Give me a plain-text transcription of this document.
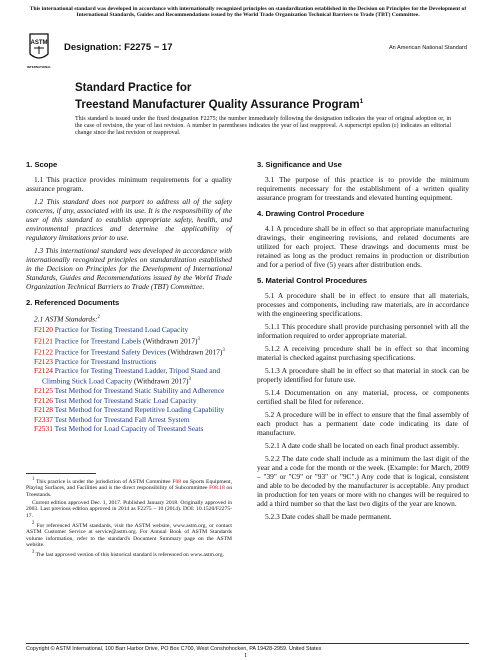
This international standard was developed in accordance with internationally recognized principles on standardization established in the Decision on Principles for the Development of International Standards, Guides and Recommendations issued by the World Trade Organization Technical Barriers to Trade (TBT) Committee.
ASTM
INTERNATIONAL
Designation: F2275 − 17	An American National Standard
Standard Practice for
Treestand Manufacturer Quality Assurance Program$^1$
This standard is issued under the fixed designation F2275; the number immediately following the designation indicates the year of original adoption or, in the case of revision, the year of last revision. A number in parentheses indicates the year of last reapproval. A superscript epsilon (ε) indicates an editorial change since the last revision or reapproval.
1. Scope

1.1 This practice provides minimum requirements for a quality assurance program.

1.2 This standard does not purport to address all of the safety concerns, if any, associated with its use. It is the responsibility of the user of this standard to establish appropriate safety, health, and environmental practices and determine the applicability of regulatory limitations prior to use.

1.3 This international standard was developed in accordance with internationally recognized principles on standardization established in the Decision on Principles for the Development of International Standards, Guides and Recommendations issued by the World Trade Organization Technical Barriers to Trade (TBT) Committee.

2. Referenced Documents

2.1 ASTM Standards:$^2$

F2120 Practice for Testing Treestand Load Capacity
F2121 Practice for Treestand Labels (Withdrawn 2017)$^3$
F2122 Practice for Treestand Safety Devices (Withdrawn 2017)$^3$
F2123 Practice for Treestand Instructions
F2124 Practice for Testing Treestand Ladder, Tripod Stand and Climbing Stick Load Capacity (Withdrawn 2017)$^3$
F2125 Test Method for Treestand Static Stability and Adherence
F2126 Test Method for Treestand Static Load Capacity
F2128 Test Method for Treestand Repetitive Loading Capability
F2337 Test Method for Treestand Fall Arrest System
F2531 Test Method for Load Capacity of Treestand Seats
3. Significance and Use

3.1 The purpose of this practice is to provide the minimum requirements necessary for the establishment of a written quality assurance program for treestands and elevated hunting equipment.

4. Drawing Control Procedure

4.1 A procedure shall be in effect so that appropriate manufacturing drawings, their engineering revisions, and related documents are utilized for each project. These drawings and documents must be retained as long as the product remains in production or distribution and for a period of five (5) years after distribution ends.

5. Material Control Procedures

5.1 A procedure shall be in effect to ensure that all materials, processes and components, including raw materials, are in accordance with the engineering specifications.

5.1.1 This procedure shall provide purchasing personnel with all the information required to order appropriate material.

5.1.2 A receiving procedure shall be in effect so that incoming material is checked against purchasing specifications.

5.1.3 A procedure shall be in effect so that material in stock can be properly identified for future use.

5.1.4 Documentation on any material, process, or components certified shall be filed for reference.

5.2 A procedure will be in effect to ensure that the final assembly of each product has a permanent date code indicating its date of manufacture.

5.2.1 A date code shall be located on each final product assembly.

5.2.2 The date code shall include as a minimum the last digit of the year and a code for the month or the week. (Example: for March, 2009 – "39" or "C9" or "93" or "9C".) Any code that is logical, consistent and able to be decoded by the manufacturer is acceptable. Any product in production for ten years or more with no changes will be required to add a third number so that the last two digits of the year are known.

5.2.3 Date codes shall be made permanent.

$^1$ This practice is under the jurisdiction of ASTM Committee F08 on Sports Equipment, Playing Surfaces, and Facilities and is the direct responsibility of Subcommittee F08.18 on Treestands.

Current edition approved Dec. 1, 2017. Published January 2018. Originally approved in 2003. Last previous edition approved in 2014 as F2275 – 10 (2014). DOI: 10.1520/F2275-17.

$^2$ For referenced ASTM standards, visit the ASTM website, www.astm.org, or contact ASTM Customer Service at service@astm.org. For Annual Book of ASTM Standards volume information, refer to the standard's Document Summary page on the ASTM website.

$^3$ The last approved version of this historical standard is referenced on www.astm.org.

Copyright © ASTM International, 100 Barr Harbor Drive, PO Box C700, West Conshohocken, PA 19428-2959. United States
1
